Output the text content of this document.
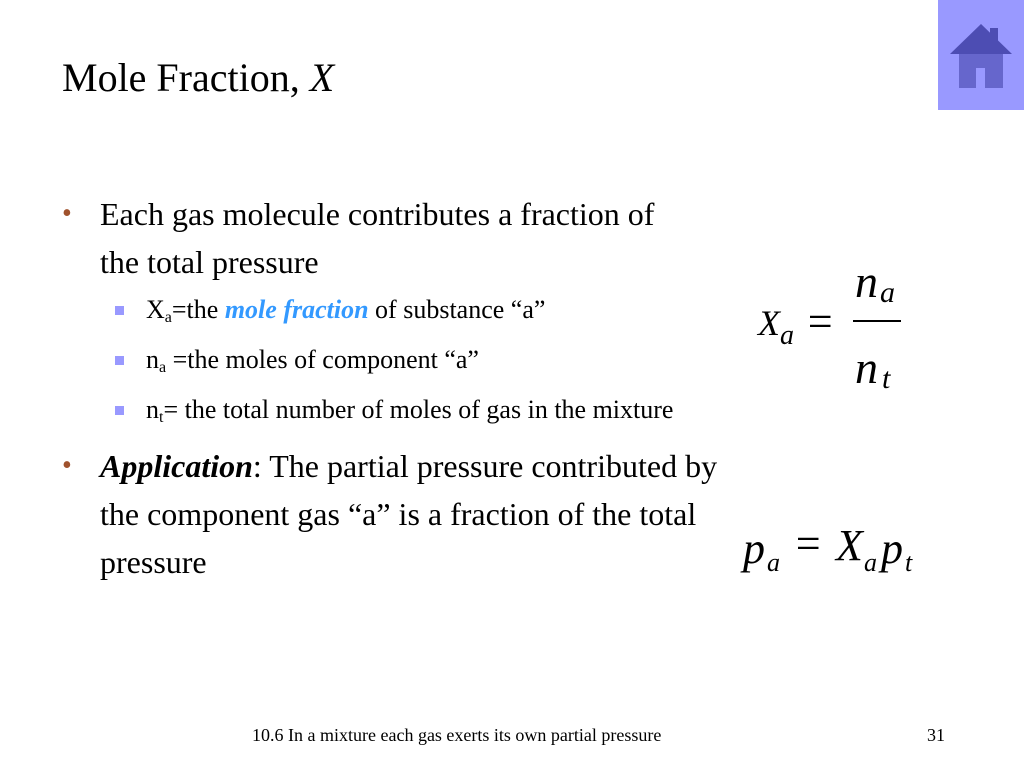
Mole Fraction, X
• Each gas molecule contributes a fraction of the total pressure
$X_a=the$ mole fraction of substance “a”
$n_a =the$ moles of component “a”
$n_t=$ the total number of moles of gas in the mixture
• Application: The partial pressure contributed by the component gas “a” is a fraction of the total pressure
X a =
n a
n t
p a = X a p t
10.6 In a mixture each gas exerts its own partial pressure	31
